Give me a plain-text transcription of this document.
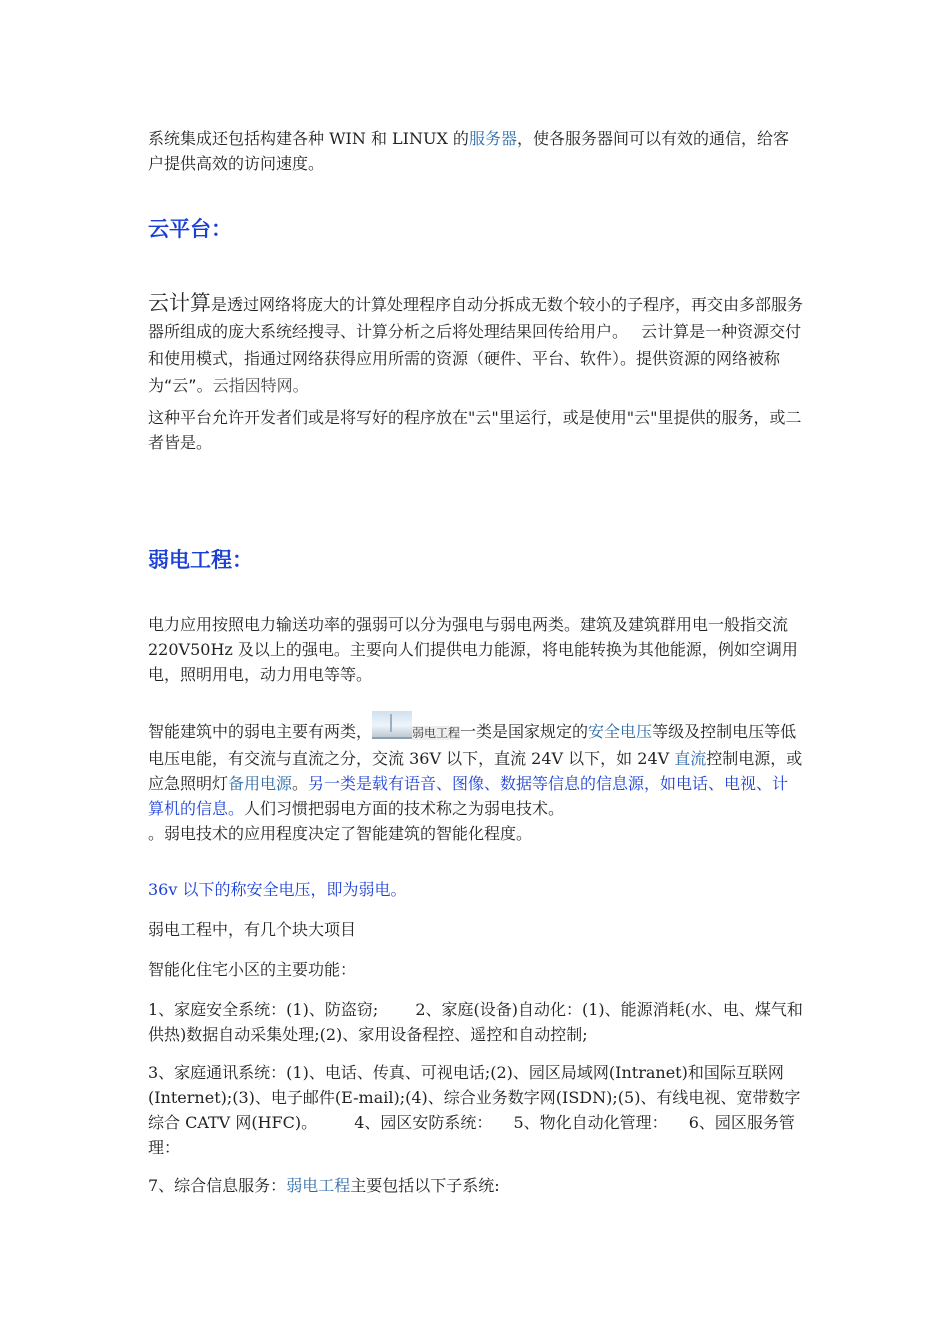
系统集成还包括构建各种 WIN 和 LINUX 的服务器，使各服务器间可以有效的通信，给客户提供高效的访问速度。

云平台：

云计算是透过网络将庞大的计算处理程序自动分拆成无数个较小的子程序，再交由多部服务器所组成的庞大系统经搜寻、计算分析之后将处理结果回传给用户。　 云计算是一种资源交付和使用模式，指通过网络获得应用所需的资源（硬件、平台、软件）。提供资源的网络被称为“云”。云指因特网。

这种平台允许开发者们或是将写好的程序放在"云"里运行，或是使用"云"里提供的服务，或二者皆是。

弱电工程：

电力应用按照电力输送功率的强弱可以分为强电与弱电两类。建筑及建筑群用电一般指交流 220V50Hz 及以上的强电。主要向人们提供电力能源，将电能转换为其他能源，例如空调用电，照明用电，动力用电等等。

智能建筑中的弱电主要有两类，	弱电工程一类是国家规定的安全电压等级及控制电压等低电压电能，有交流与直流之分，交流 36V 以下，直流 24V 以下，如 24V 直流控制电源，或应急照明灯备用电源。另一类是载有语音、图像、数据等信息的信息源，如电话、电视、计算机的信息。人们习惯把弱电方面的技术称之为弱电技术。
。弱电技术的应用程度决定了智能建筑的智能化程度。

36v 以下的称安全电压，即为弱电。

弱电工程中，有几个块大项目

智能化住宅小区的主要功能：

1、家庭安全系统：(1)、防盗窃; 　　2、家庭(设备)自动化：(1)、能源消耗(水、电、煤气和供热)数据自动采集处理;(2)、家用设备程控、遥控和自动控制;

3、家庭通讯系统：(1)、电话、传真、可视电话;(2)、园区局域网(Intranet)和国际互联网(Internet);(3)、电子邮件(E-mail);(4)、综合业务数字网(ISDN);(5)、有线电视、宽带数字综合 CATV 网(HFC)。 　　4、园区安防系统： 　5、物化自动化管理： 　6、园区服务管理：

7、综合信息服务：弱电工程主要包括以下子系统:
